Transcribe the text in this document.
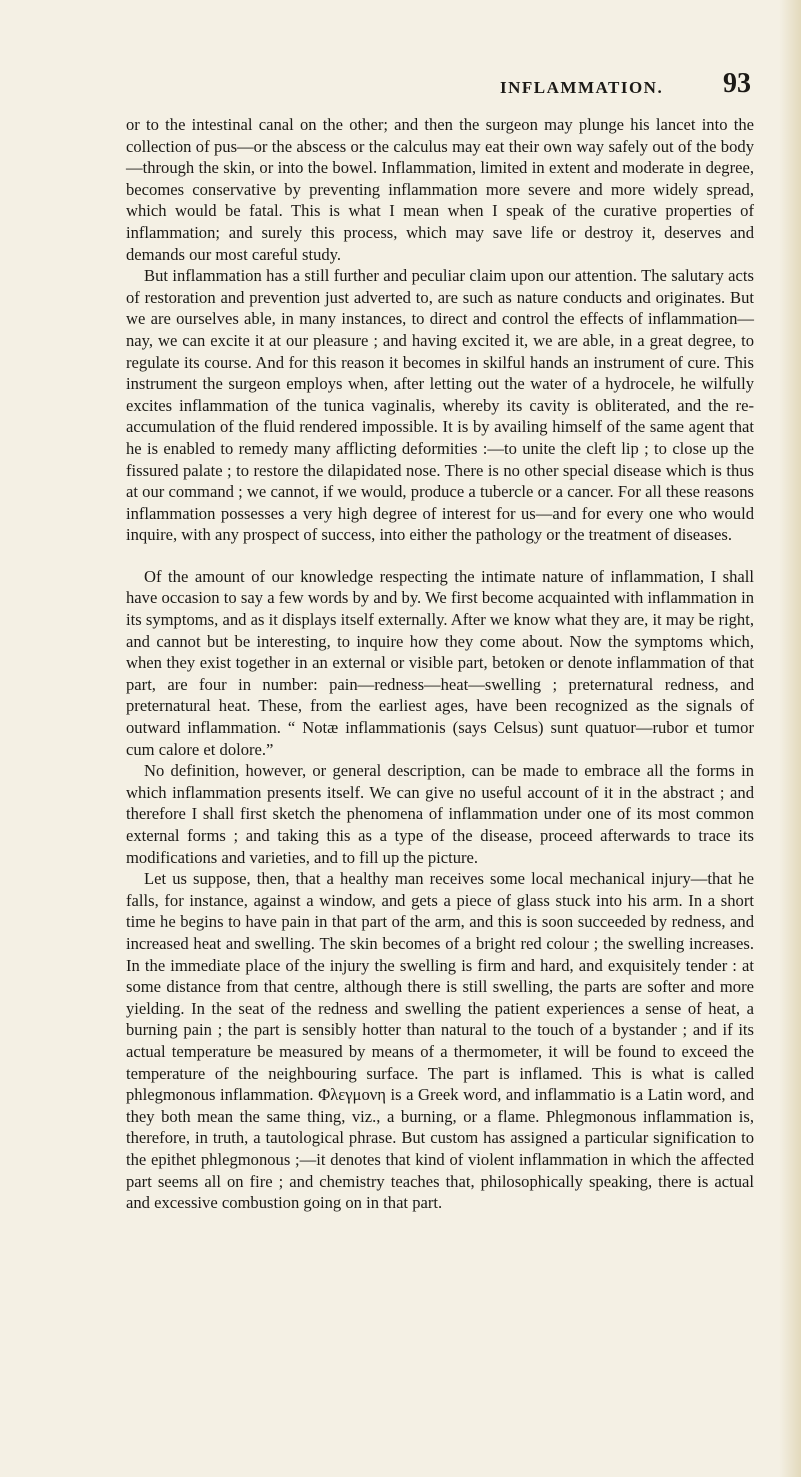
INFLAMMATION. 93

or to the intestinal canal on the other; and then the surgeon may plunge his lancet into the collection of pus—or the abscess or the calculus may eat their own way safely out of the body—through the skin, or into the bowel. Inflammation, limited in extent and moderate in degree, becomes conservative by preventing inflammation more severe and more widely spread, which would be fatal. This is what I mean when I speak of the curative properties of inflammation; and surely this process, which may save life or destroy it, deserves and demands our most careful study.

But inflammation has a still further and peculiar claim upon our attention. The salutary acts of restoration and prevention just adverted to, are such as nature conducts and originates. But we are ourselves able, in many instances, to direct and control the effects of inflammation—nay, we can excite it at our pleasure ; and having excited it, we are able, in a great degree, to regulate its course. And for this reason it becomes in skilful hands an instrument of cure. This instrument the surgeon employs when, after letting out the water of a hydrocele, he wilfully excites inflammation of the tunica vaginalis, whereby its cavity is obliterated, and the re-accumulation of the fluid rendered impossible. It is by availing himself of the same agent that he is enabled to remedy many afflicting deformities :—to unite the cleft lip ; to close up the fissured palate ; to restore the dilapidated nose. There is no other special disease which is thus at our command ; we cannot, if we would, produce a tubercle or a cancer. For all these reasons inflammation possesses a very high degree of interest for us—and for every one who would inquire, with any prospect of success, into either the pathology or the treatment of diseases.

Of the amount of our knowledge respecting the intimate nature of inflammation, I shall have occasion to say a few words by and by. We first become acquainted with inflammation in its symptoms, and as it displays itself externally. After we know what they are, it may be right, and cannot but be interesting, to inquire how they come about. Now the symptoms which, when they exist together in an external or visible part, betoken or denote inflammation of that part, are four in number: pain—redness—heat—swelling ; preternatural redness, and preternatural heat. These, from the earliest ages, have been recognized as the signals of outward inflammation. “ Notæ inflammationis (says Celsus) sunt quatuor—rubor et tumor cum calore et dolore.”

No definition, however, or general description, can be made to embrace all the forms in which inflammation presents itself. We can give no useful account of it in the abstract ; and therefore I shall first sketch the phenomena of inflammation under one of its most common external forms ; and taking this as a type of the disease, proceed afterwards to trace its modifications and varieties, and to fill up the picture.

Let us suppose, then, that a healthy man receives some local mechanical injury—that he falls, for instance, against a window, and gets a piece of glass stuck into his arm. In a short time he begins to have pain in that part of the arm, and this is soon succeeded by redness, and increased heat and swelling. The skin becomes of a bright red colour ; the swelling increases. In the immediate place of the injury the swelling is firm and hard, and exquisitely tender : at some distance from that centre, although there is still swelling, the parts are softer and more yielding. In the seat of the redness and swelling the patient experiences a sense of heat, a burning pain ; the part is sensibly hotter than natural to the touch of a bystander ; and if its actual temperature be measured by means of a thermometer, it will be found to exceed the temperature of the neighbouring surface. The part is inflamed. This is what is called phlegmonous inflammation. Φλεγμονη is a Greek word, and inflammatio is a Latin word, and they both mean the same thing, viz., a burning, or a flame. Phlegmonous inflammation is, therefore, in truth, a tautological phrase. But custom has assigned a particular signification to the epithet phlegmonous ;—it denotes that kind of violent inflammation in which the affected part seems all on fire ; and chemistry teaches that, philosophically speaking, there is actual and excessive combustion going on in that part.
